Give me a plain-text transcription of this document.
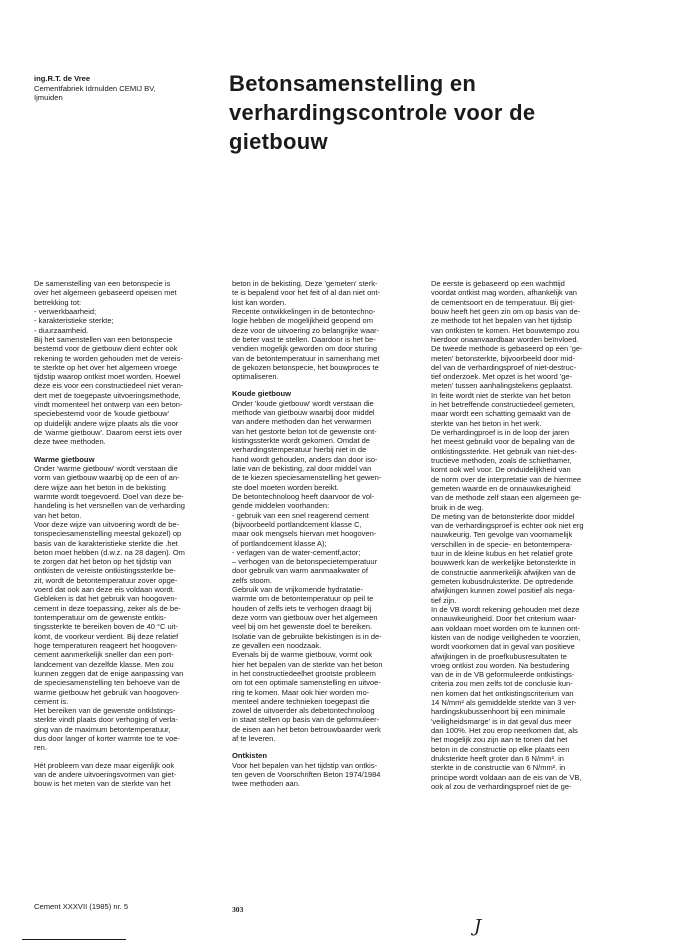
ing.R.T. de Vree
Cementfabriek Idrnulden CEMIJ BV,
Ijmuiden
Betonsamenstelling en
verhardingscontrole voor de
gietbouw
De samenstelling van een betonspecie is
over het algemeen gebaseerd opeisen met
betrekking tot:
- verwerkbaarheid;
- karakteristieke sterkte;
- duurzaamheid.
Bij het samenstellen van een betonspecie
bestemd voor de gietbouw dient echter ook
rekening te worden gehouden met de vereis-
te sterkte op het over het algemeen vroege
tijdstip waarop ontkist moet worden. Hoewel
deze eis voor een constructiedeel niet veran-
dert met de toegepaste uitvoeringsmethode,
vindt momenteel het ontwerp van een beton-
speciebestemd voor de 'koude gietbouw'
op duidelijk andere wijze plaats als die voor
de 'warme gietbouw'. Daarom eerst iets over
deze twee methoden.
Warme gietbouw
Onder 'warme gietbouw' wordt verstaan die
vorm van gietbouw waarbij op de een of an-
dere wijze aan het beton in de bekisting
warmte wordt toegevoerd. Doel van deze be-
handeling is het versnellen van de verharding
van het beton.
Voor deze wijze van uitvoering wordt de be-
tonspeciesamenstelling meestal gekozel) op
basis van de karakteristieke sterkte die .het
beton moet hebben (d.w.z. na 28 dagen). Om
te zorgen dat het beton op het tijdstip van
ontkisten de vereiste ontkistingssterkte be-
zit, wordt de betontemperatuur zover opge-
voerd dat ook aan deze eis voldaan wordt.
Gebleken is dat het gebruik van hoogoven-
cement in deze toepassing, zeker als de be-
tontemperatuur om de gewenste entkis-
tingssterkte te bereiken boven de 40 °C uit-
komt, de voorkeur verdient. Bij deze relatief
hoge temperaturen reageert het hoogoven-
cement aanmerkelijk sneller dan een port-
landcement van dezelfde klasse. Men zou
kunnen zeggen dat de enige aanpassing van
de speciesamenstelling ten behoeve van de
warme gietbouw het gebruik van hoogoven-
cement is.
Het bereiken van de gewenste ontklstinqs-
sterkte vindt plaats door verhoging of verla-
ging van de maximum betontemperatuur,
dus door langer of korter warmte toe te voe-
ren.
Hét probleem van deze maar eigenlijk ook
van de andere uitvoeringsvormen van giet-
bouw is het meten van de sterkte van het
beton in de bekisting. Deze 'gemeten' sterk-
te is bepalend voor het feit of al dan niet ont-
kist kan worden.
Recente ontwikkelingen in de betontechno-
logie hebben de mogelijkheid geopend om
deze voor de uitvoering zo belangrijke waar-
de beter vast te stellen. Daardoor is het be-
vendien mogelijk geworden om door sturing
van de betontemperatuur in samenhang met
de gekozen betonspecie, het bouwproces te
optimaliseren.
Koude gietbouw
Onder 'koude gietbouw' wordt verstaan die
methode van gietbouw waarbij door middel
van andere methoden dan het verwarmen
van het gestorte beton tot de gewenste ont-
kistingssterkte wordt gekomen. Omdat de
verhardingstemperatuur hierbij niet in de
hand wordt gehouden, anders dan door iso-
latie van de bekisting, zal door middel van
de te kiezen speciesamenstelling het gewen-
ste doel moeten worden bereikt.
De betontechnoloog heeft daarvoor de vol-
gende middelen voorhanden:
- gebruik van een snel reagerend cement
(bijvoorbeeld portlandcement klasse C,
maar ook mengsels hiervan met hoogoven-
of portlandcement klasse A);
- verlagen van de water-cementf,actor;
– verhogen van de betonspecietemperatuur
door gebruik van warm aanmaakwater of
zelfs stoom.
Gebruik van de vrijkomende hydratatie-
warmte om de betontemperatuur op peil te
houden of zelfs iets te verhogen draagt bij
deze vorm van gietbouw over het algemeen
veel bij om het gewenste doel te bereiken.
Isolatie van de gebruikte bekistingen is in de-
ze gevallen een noodzaak.
Evenals bij de warme gietbouw, vormt ook
hier het bepalen van de sterkte van het beton
in het constructiedeelhet grootste probleem
om tot een optimale samenstelling en uitvoe-
ring te komen. Maar ook hier worden mo-
menteel andere technieken toegepast die
zowel de uitvoerder als debetontechnoloog
in staat stellen op basis van de geformuleer-
de eisen aan het beton betrouwbaarder werk
af te leveren.
Ontkisten
Voor het bepalen van het tijdstip van ontkis-
ten geven de Voorschriften Beton 1974/1984
twee methoden aan.
De eerste is gebaseerd op een wachttijd
voordat ontkist mag worden, afhankelijk van
de cementsoort en de temperatuur. Bij giet-
bouw heeft het geen zin om op basis van de-
ze methode tot het bepalen van het tijdstip
van ontkisten te komen. Het bouwtempo zou
hierdoor onaanvaardbaar worden beïnvloed.
De tweede methode is gebaseerd op een 'ge-
meten' betonsterkte, bijvoorbeeld door mid-
del van de verhardingsproef of niet-destruc-
tief onderzoek. Met opzet is het woord 'ge-
meten' tussen aanhalingstekens geplaatst.
In feite wordt niet de sterkte van het beton
in het betreffende constructiedeel gemeten,
maar wordt een schatting gemaakt van de
sterkte van het beton in het werk.
De verhardingproef is in de loop der jaren
het meest gebruikt voor de bepaling van de
ontkistingssterkte. Het gebruik van niet-des-
tructieve methoden, zoals de schiethamer,
komt ook wel voor. De onduidelijkheid van
de norm over de interpretatie van de hiermee
gemeten waarde en de onnauwkeurigheid
van de methode zelf staan een algemeen ge-
bruik in de weg.
De meting van de betonsterkte door middel
van de verhardingsproef is echter ook niet erg
nauwkeurig. Ten gevolge van voornamelijk
verschillen in de specie- en betontempera-
tuur in de kleine kubus en het relatief grote
bouwwerk kan de werkelijke betonsterkte in
de constructie aanmerkelijk afwijken van de
gemeten kubusdruksterkte. De optredende
afwijkingen kunnen zowel positief als nega-
tief zijn.
In de VB wordt rekening gehouden met deze
onnauwkeurigheid. Door het criterium waar-
aan voldaan moet worden om te kunnen ont-
kisten van de nodige veiligheden te voorzien,
wordt voorkomen dat in geval van positieve
afwijkingen in de proefkubusresultaten te
vroeg ontkist zou worden. Na bestudering
van de in de VB geformuleerde ontkistings-
criteria zou men zelfs tot de conclusie kun-
nen komen dat het ontkistingscriterium van
14 N/mm² als gemiddelde sterkte van 3 ver-
hardingskubussenhoort bij een minimale
'veiligheidsmarge' is in dat geval dus meer
dan 100%. Het zou erop neerkomen dat, als
het mogelijk zou zijn aan te tonen dat het
beton in de constructie op elke plaats een
druksterkte heeft groter dan 6 N/mm². in
sterkte in de constructie van 6 N/mm². in
principe wordt voldaan aan de eis van de VB,
ook al zou de verhardingsproef niet de ge-
Cement XXXVII (1985) nr. 5	303
J
